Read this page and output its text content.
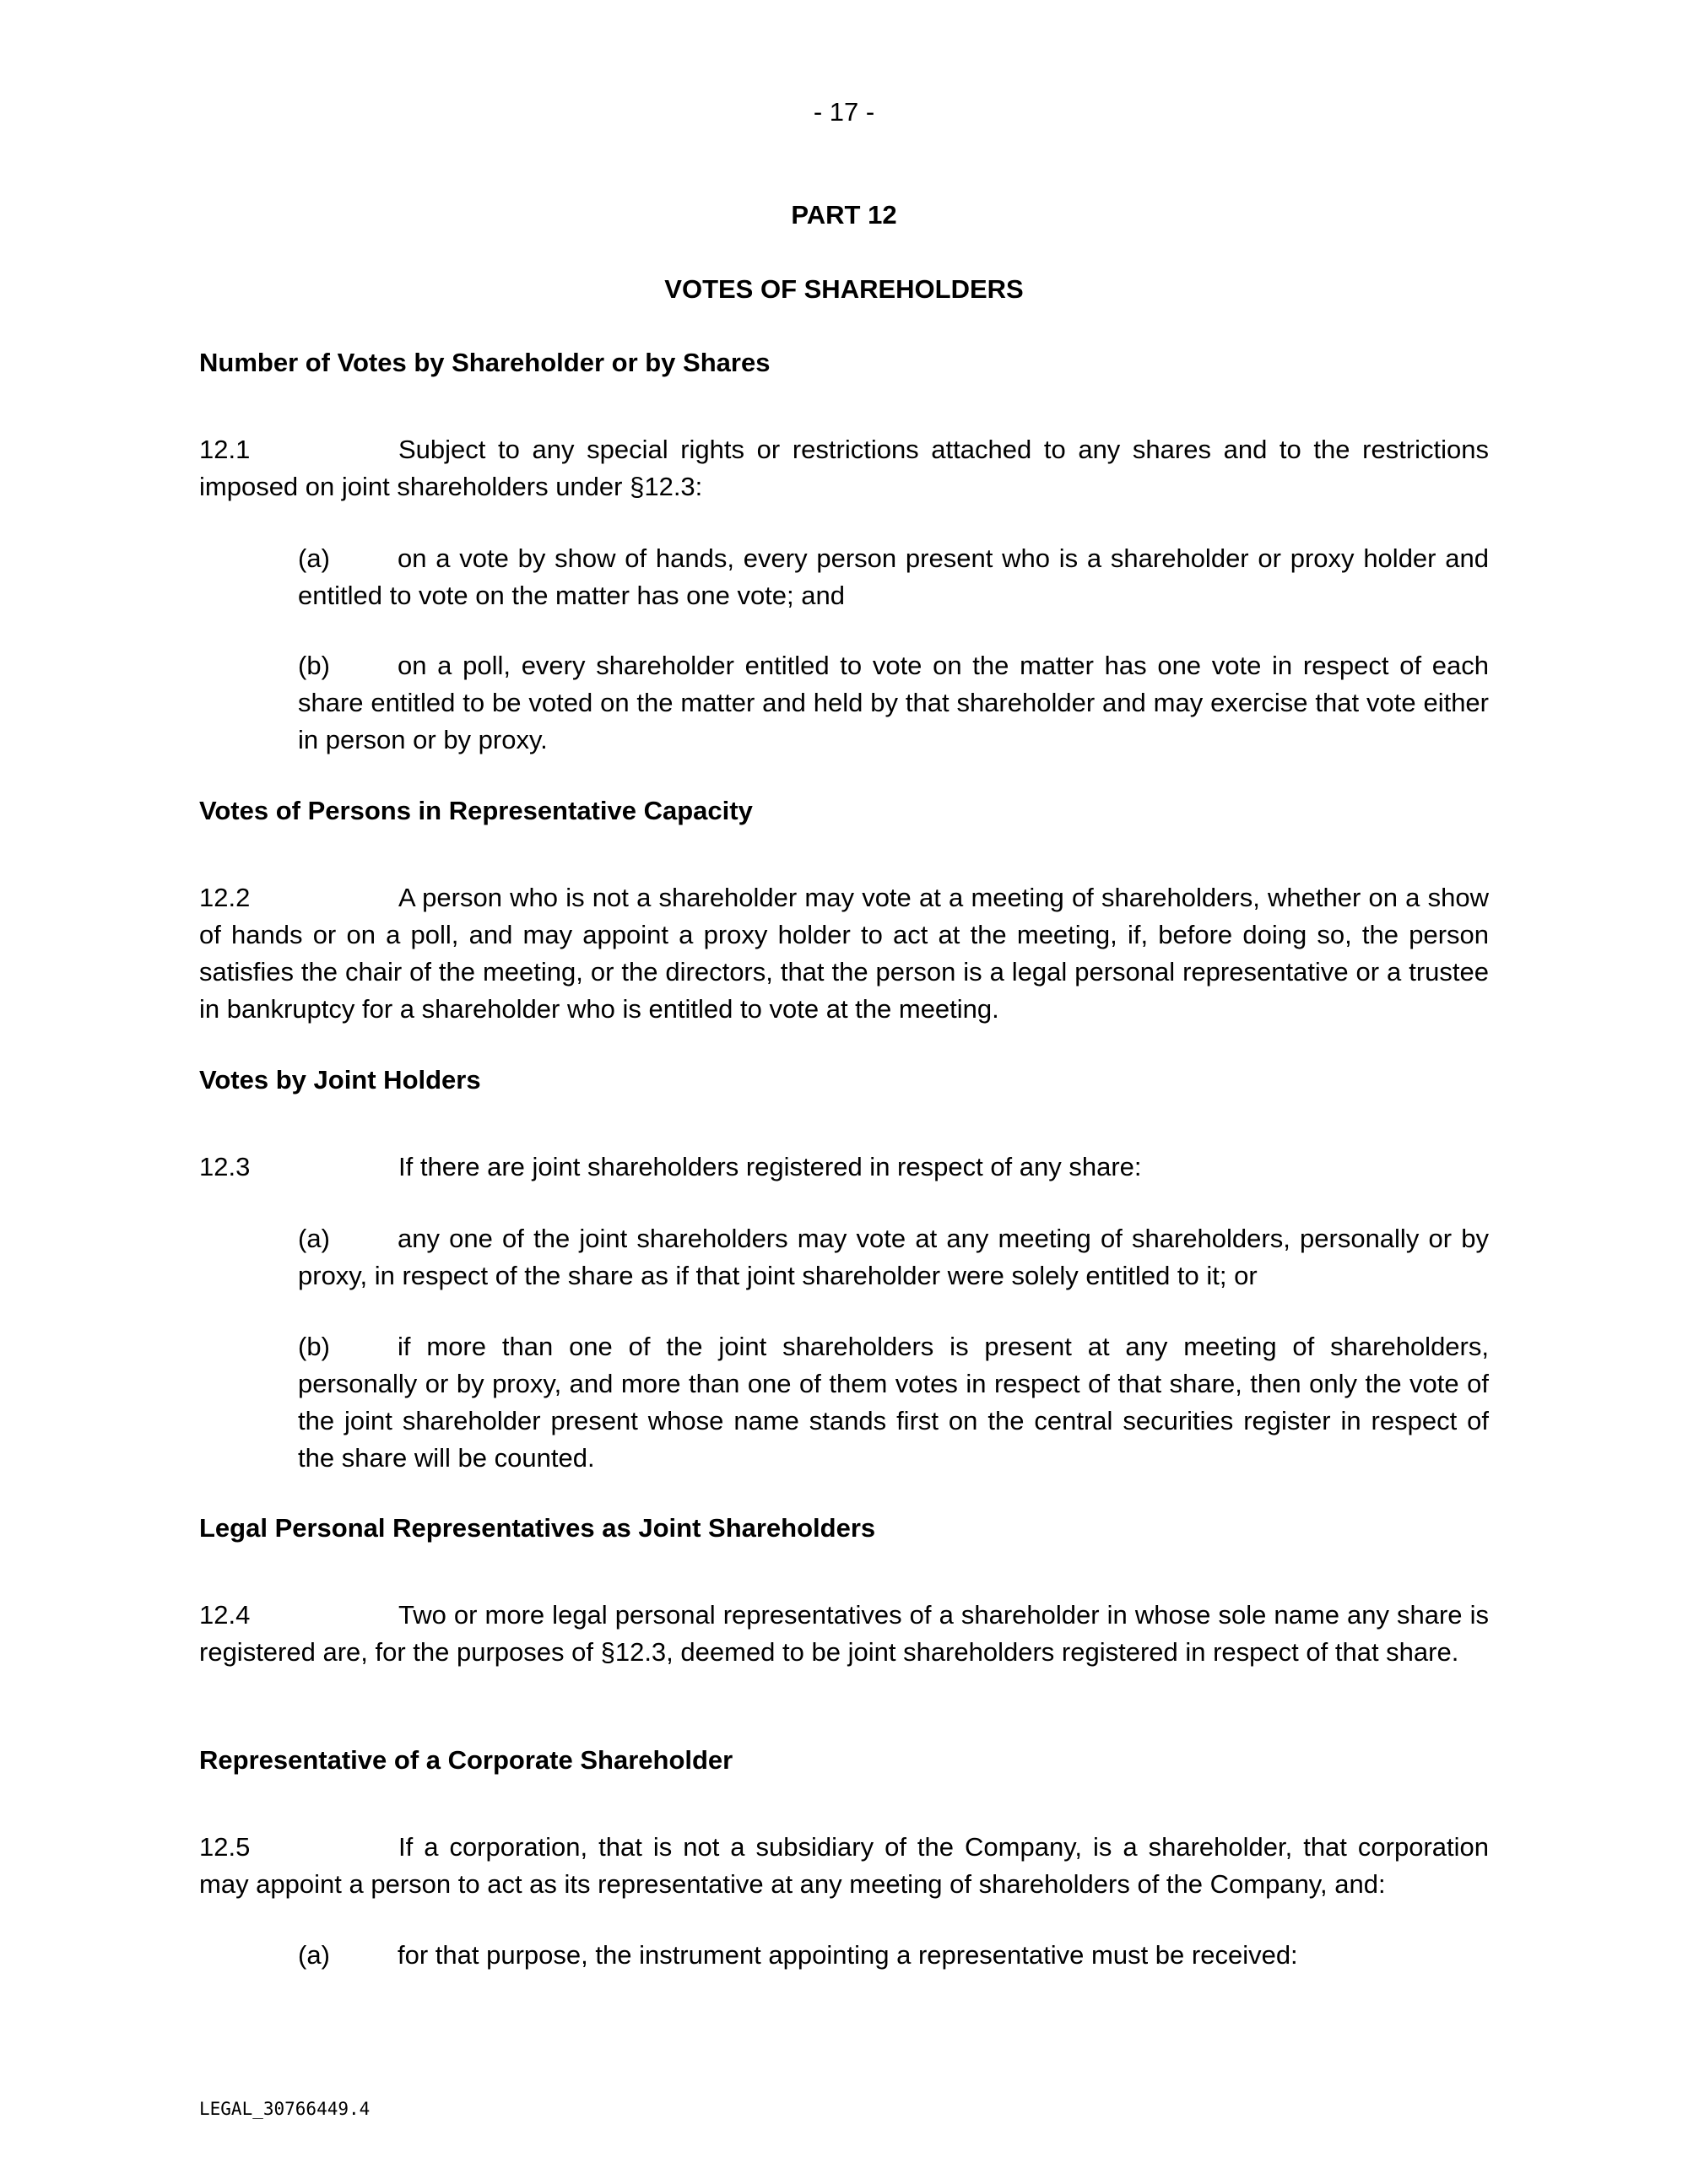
- 17 -
PART 12
VOTES OF SHAREHOLDERS
Number of Votes by Shareholder or by Shares
12.1	Subject to any special rights or restrictions attached to any shares and to the restrictions imposed on joint shareholders under §12.3:
(a)	on a vote by show of hands, every person present who is a shareholder or proxy holder and entitled to vote on the matter has one vote; and
(b)	on a poll, every shareholder entitled to vote on the matter has one vote in respect of each share entitled to be voted on the matter and held by that shareholder and may exercise that vote either in person or by proxy.
Votes of Persons in Representative Capacity
12.2	A person who is not a shareholder may vote at a meeting of shareholders, whether on a show of hands or on a poll, and may appoint a proxy holder to act at the meeting, if, before doing so, the person satisfies the chair of the meeting, or the directors, that the person is a legal personal representative or a trustee in bankruptcy for a shareholder who is entitled to vote at the meeting.
Votes by Joint Holders
12.3	If there are joint shareholders registered in respect of any share:
(a)	any one of the joint shareholders may vote at any meeting of shareholders, personally or by proxy, in respect of the share as if that joint shareholder were solely entitled to it; or
(b)	if more than one of the joint shareholders is present at any meeting of shareholders, personally or by proxy, and more than one of them votes in respect of that share, then only the vote of the joint shareholder present whose name stands first on the central securities register in respect of the share will be counted.
Legal Personal Representatives as Joint Shareholders
12.4	Two or more legal personal representatives of a shareholder in whose sole name any share is registered are, for the purposes of §12.3, deemed to be joint shareholders registered in respect of that share.
Representative of a Corporate Shareholder
12.5	If a corporation, that is not a subsidiary of the Company, is a shareholder, that corporation may appoint a person to act as its representative at any meeting of shareholders of the Company, and:
(a)	for that purpose, the instrument appointing a representative must be received:
LEGAL_30766449.4
